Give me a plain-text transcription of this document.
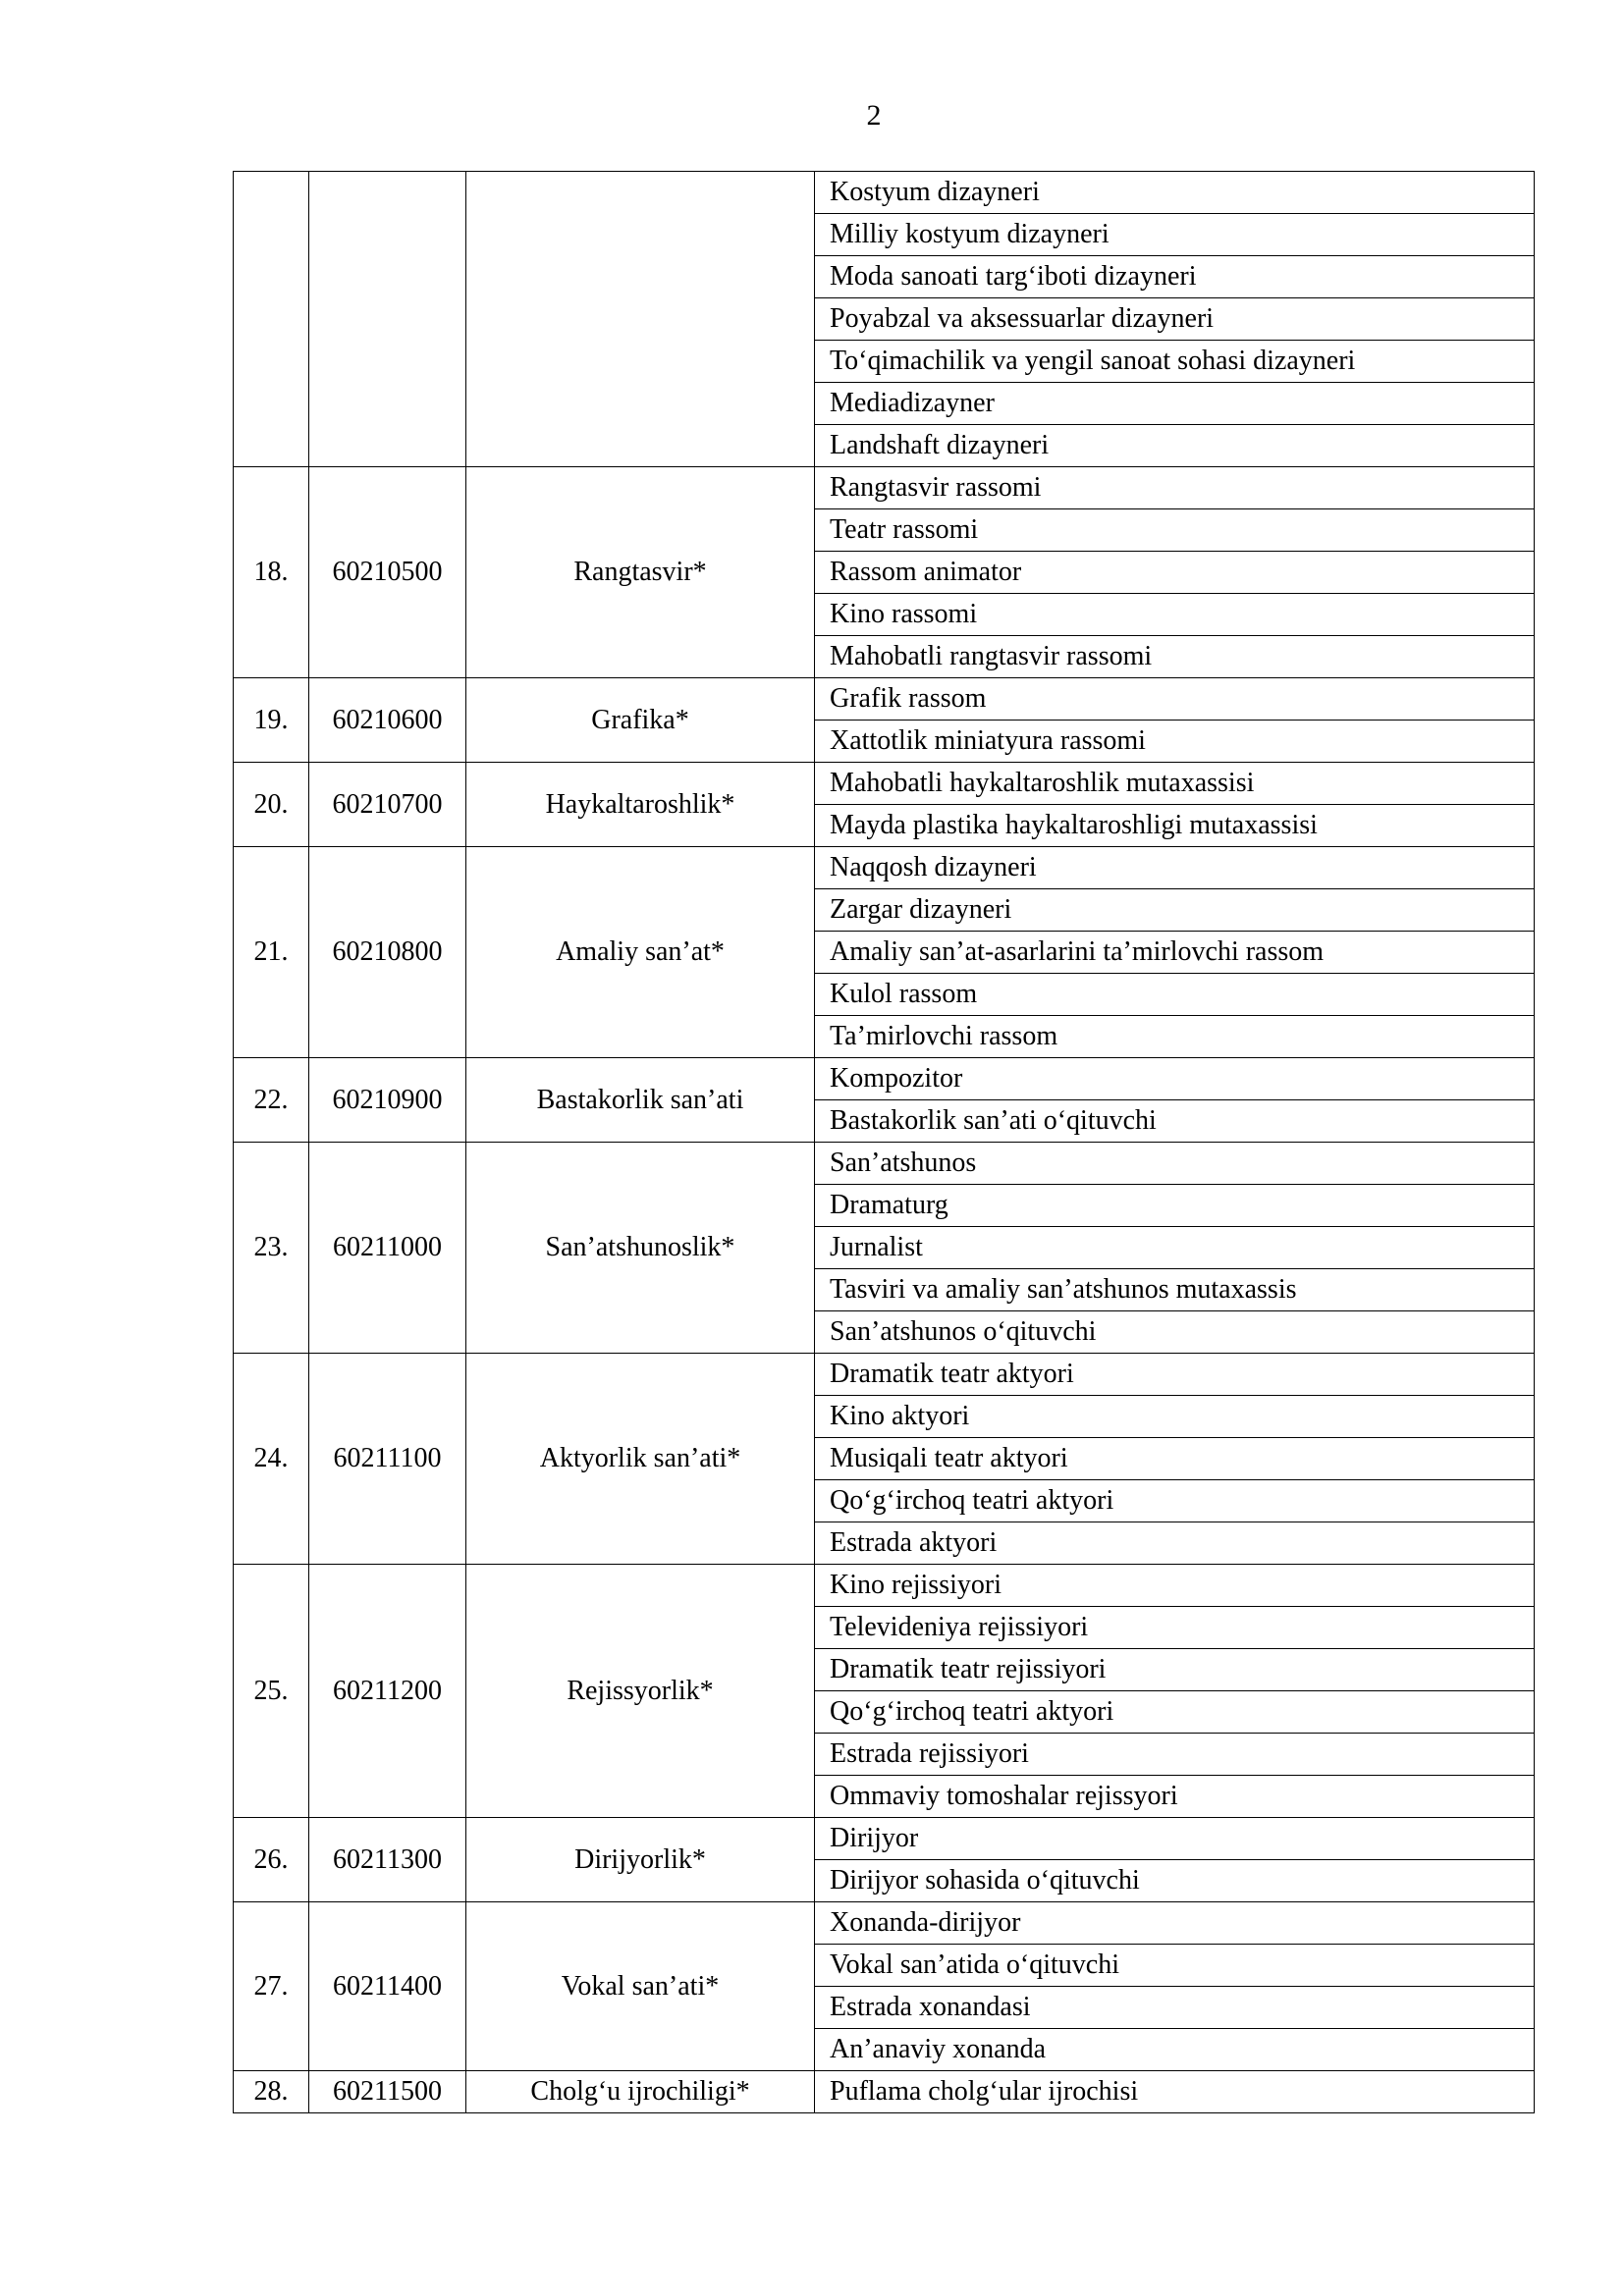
2
			Kostyum dizayneri
			Milliy kostyum dizayneri
			Moda sanoati targ‘iboti dizayneri
			Poyabzal va aksessuarlar dizayneri
			To‘qimachilik va yengil sanoat sohasi dizayneri
			Mediadizayner
			Landshaft dizayneri
18.	60210500	Rangtasvir*	Rangtasvir rassomi
			Teatr rassomi
			Rassom animator
			Kino rassomi
			Mahobatli rangtasvir rassomi
19.	60210600	Grafika*	Grafik rassom
			Xattotlik miniatyura rassomi
20.	60210700	Haykaltaroshlik*	Mahobatli haykaltaroshlik mutaxassisi
			Mayda plastika haykaltaroshligi mutaxassisi
21.	60210800	Amaliy san’at*	Naqqosh dizayneri
			Zargar dizayneri
			Amaliy san’at-asarlarini ta’mirlovchi rassom
			Kulol rassom
			Ta’mirlovchi rassom
22.	60210900	Bastakorlik san’ati	Kompozitor
			Bastakorlik san’ati o‘qituvchi
23.	60211000	San’atshunoslik*	San’atshunos
			Dramaturg
			Jurnalist
			Tasviri va amaliy san’atshunos mutaxassis
			San’atshunos o‘qituvchi
24.	60211100	Aktyorlik san’ati*	Dramatik teatr aktyori
			Kino aktyori
			Musiqali teatr aktyori
			Qo‘g‘irchoq teatri aktyori
			Estrada aktyori
25.	60211200	Rejissyorlik*	Kino rejissiyori
			Televideniya rejissiyori
			Dramatik teatr rejissiyori
			Qo‘g‘irchoq teatri aktyori
			Estrada rejissiyori
			Ommaviy tomoshalar rejissyori
26.	60211300	Dirijyorlik*	Dirijyor
			Dirijyor sohasida o‘qituvchi
27.	60211400	Vokal san’ati*	Xonanda-dirijyor
			Vokal san’atida o‘qituvchi
			Estrada xonandasi
			An’anaviy xonanda
28.	60211500	Cholg‘u ijrochiligi*	Puflama cholg‘ular ijrochisi
